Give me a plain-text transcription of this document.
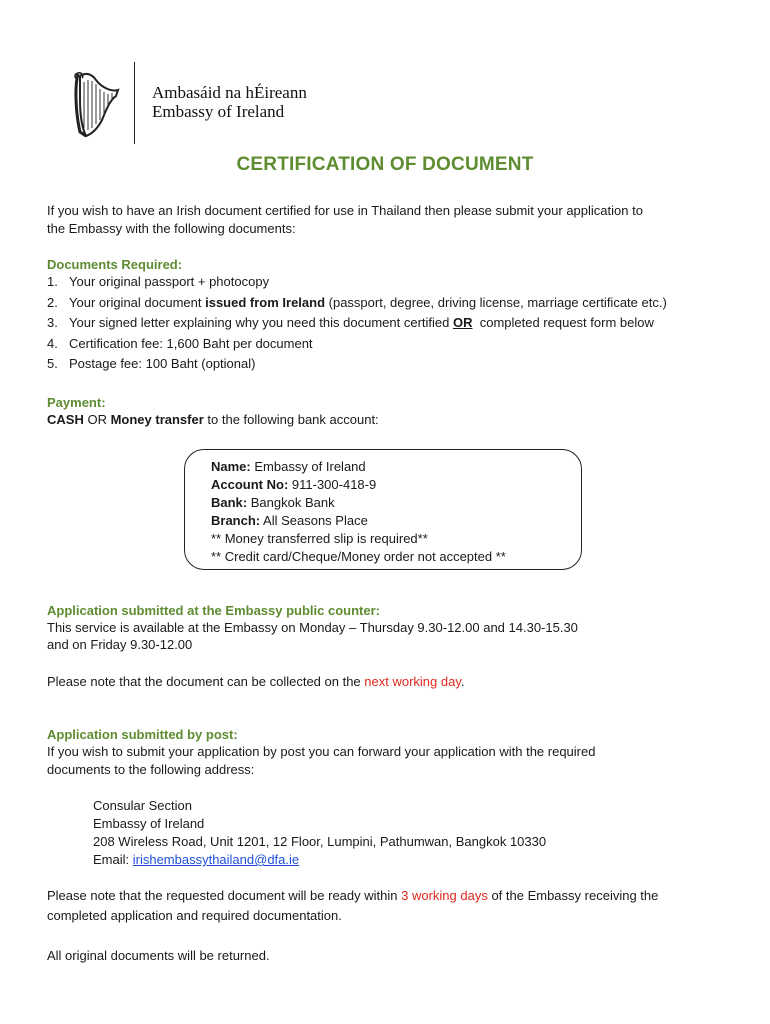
Ambasáid na hÉireann
Embassy of Ireland
CERTIFICATION OF DOCUMENT
If you wish to have an Irish document certified for use in Thailand then please submit your application to
the Embassy with the following documents:
Documents Required:
1. Your original passport + photocopy
2. Your original document issued from Ireland (passport, degree, driving license, marriage certificate etc.)
3. Your signed letter explaining why you need this document certified OR  completed request form below
4. Certification fee: 1,600 Baht per document
5. Postage fee: 100 Baht (optional)
Payment:
CASH OR Money transfer to the following bank account:
Name: Embassy of Ireland
Account No: 911-300-418-9
Bank: Bangkok Bank
Branch: All Seasons Place
** Money transferred slip is required**
** Credit card/Cheque/Money order not accepted **
Application submitted at the Embassy public counter:
This service is available at the Embassy on Monday – Thursday 9.30-12.00 and 14.30-15.30
and on Friday 9.30-12.00
Please note that the document can be collected on the next working day.
Application submitted by post:
If you wish to submit your application by post you can forward your application with the required
documents to the following address:
Consular Section
Embassy of Ireland
208 Wireless Road, Unit 1201, 12 Floor, Lumpini, Pathumwan, Bangkok 10330
Email: irishembassythailand@dfa.ie
Please note that the requested document will be ready within 3 working days of the Embassy receiving the
completed application and required documentation.
All original documents will be returned.
